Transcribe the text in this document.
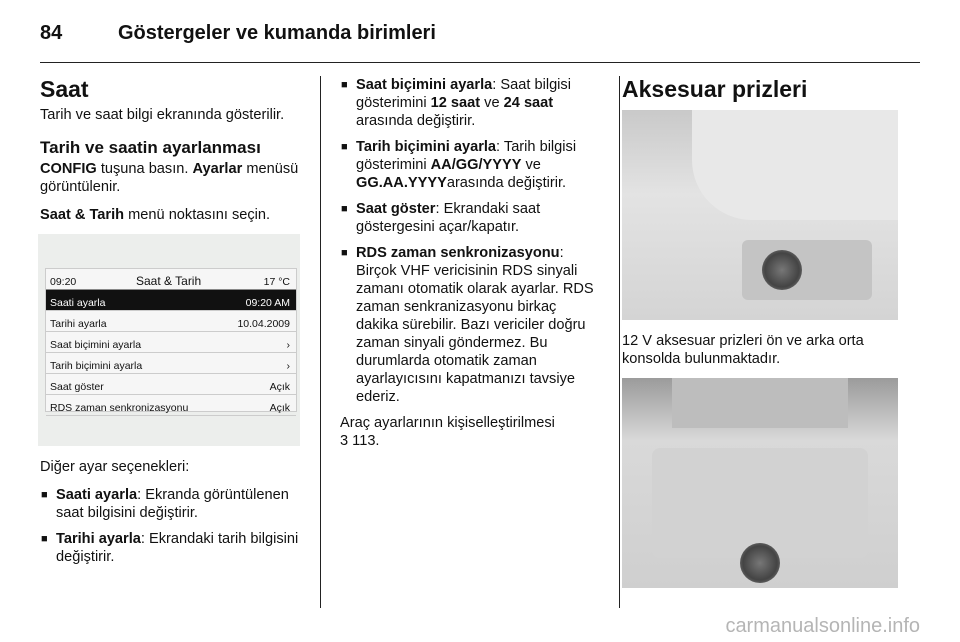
84	Göstergeler ve kumanda birimleri
Saat

Tarih ve saat bilgi ekranında gösterilir.

Tarih ve saatin ayarlanması

CONFIG tuşuna basın. Ayarlar menüsü görüntülenir.

Saat & Tarih menü noktasını seçin.

09:20	Saat & Tarih	17 °C
Saati ayarla	09:20 AM
Tarihi ayarla	10.04.2009
Saat biçimini ayarla	›
Tarih biçimini ayarla	›
Saat göster	Açık
RDS zaman senkronizasyonu	Açık

Diğer ayar seçenekleri:

■ Saati ayarla: Ekranda görüntülenen saat bilgisini değiştirir.
■ Tarihi ayarla: Ekrandaki tarih bilgisini değiştirir.
■ Saat biçimini ayarla: Saat bilgisi gösterimini 12 saat ve 24 saat arasında değiştirir.
■ Tarih biçimini ayarla: Tarih bilgisi gösterimini AA/GG/YYYY ve GG.AA.YYYYarasında değiştirir.
■ Saat göster: Ekrandaki saat göstergesini açar/kapatır.
■ RDS zaman senkronizasyonu: Birçok VHF vericisinin RDS sinyali zamanı otomatik olarak ayarlar. RDS zaman senkranizasyonu birkaç dakika sürebilir. Bazı vericiler doğru zaman sinyali göndermez. Bu durumlarda otomatik zaman ayarlayıcısını kapatmanızı tavsiye ederiz.

Araç ayarlarının kişiselleştirilmesi
3 113.

Aksesuar prizleri

12 V aksesuar prizleri ön ve arka orta konsolda bulunmaktadır.

carmanualsonline.info
